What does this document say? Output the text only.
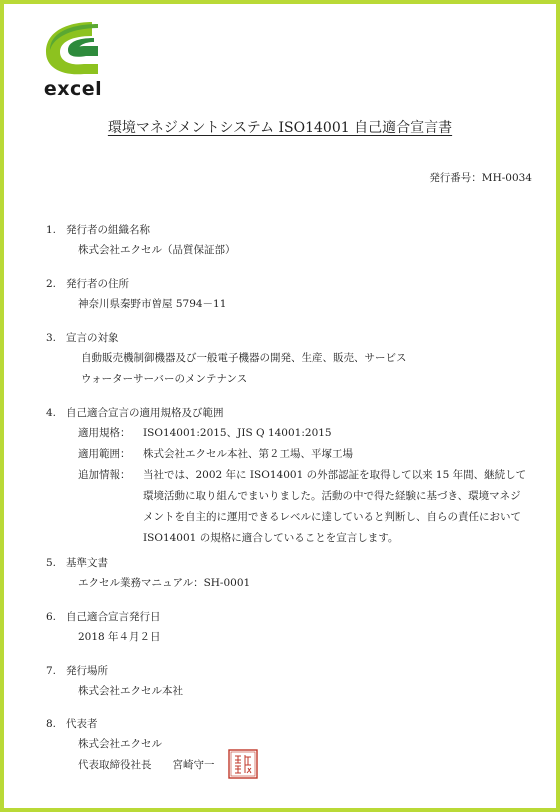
excel
環境マネジメントシステム ISO14001 自己適合宣言書
発行番号：MH-0034
1. 発行者の組織名称
株式会社エクセル（品質保証部）
2. 発行者の住所
神奈川県秦野市曽屋 5794－11
3. 宣言の対象
自動販売機制御機器及び一般電子機器の開発、生産、販売、サービス
ウォーターサーバーのメンテナンス
4. 自己適合宣言の適用規格及び範囲
適用規格： ISO14001:2015、JIS Q 14001:2015
適用範囲： 株式会社エクセル本社、第２工場、平塚工場
追加情報： 当社では、2002 年に ISO14001 の外部認証を取得して以来 15 年間、継続して
環境活動に取り組んでまいりました。活動の中で得た経験に基づき、環境マネジ
メントを自主的に運用できるレベルに達していると判断し、自らの責任において
ISO14001 の規格に適合していることを宣言します。
5. 基準文書
エクセル業務マニュアル：SH-0001
6. 自己適合宣言発行日
2018 年４月２日
7. 発行場所
株式会社エクセル本社
8. 代表者
株式会社エクセル
代表取締役社長　　宮崎守一
